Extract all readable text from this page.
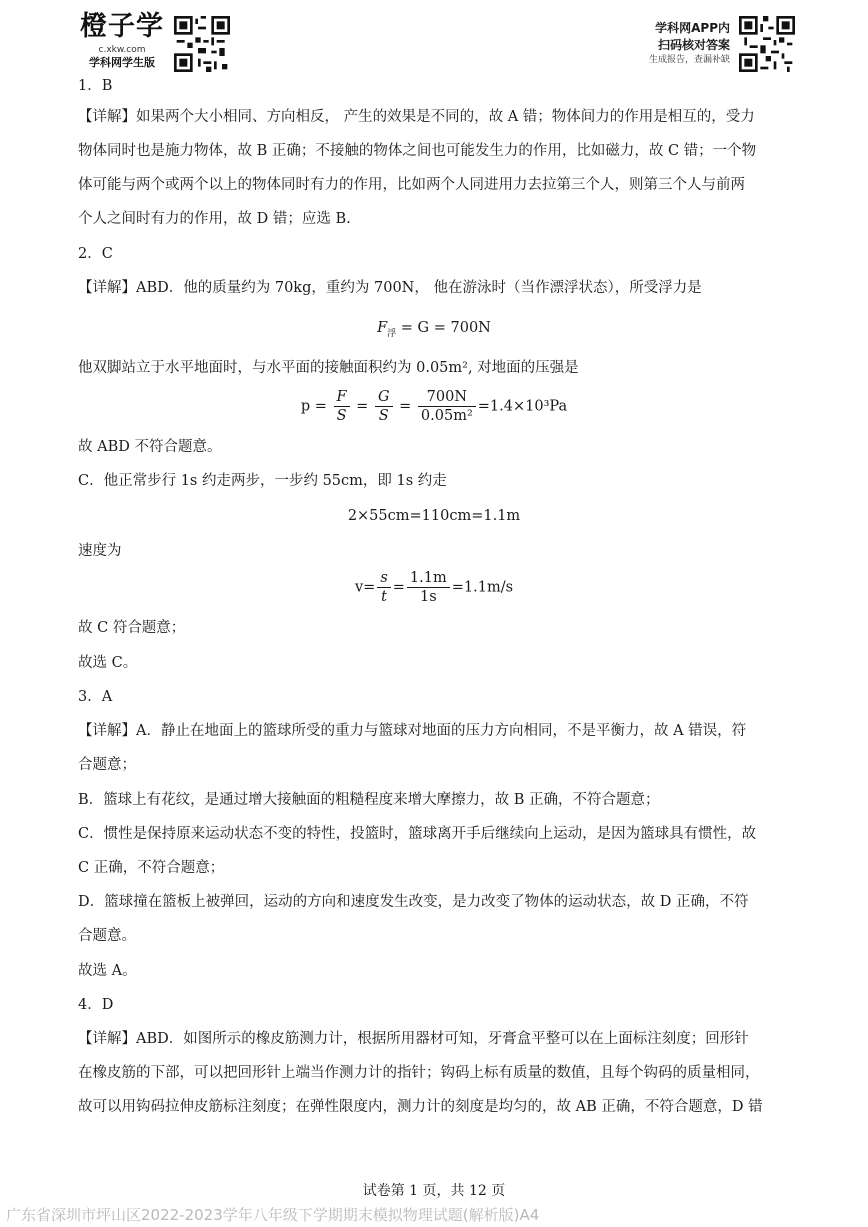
橙子学
c.xkw.com
学科网学生版
学科网APP内
扫码核对答案
生成报告，查漏补缺
1．B
【详解】如果两个大小相同、方向相反， 产生的效果是不同的，故 A 错；物体间力的作用是相互的，受力
物体同时也是施力物体，故 B 正确；不接触的物体之间也可能发生力的作用，比如磁力，故 C 错；一个物
体可能与两个或两个以上的物体同时有力的作用，比如两个人同进用力去拉第三个人，则第三个人与前两
个人之间时有力的作用，故 D 错；应选 B.
2．C
【详解】ABD．他的质量约为 70kg，重约为 700N， 他在游泳时（当作漂浮状态），所受浮力是
$F_浮 = G = 700N$
他双脚站立于水平地面时，与水平面的接触面积约为 0.05m², 对地面的压强是
$p = \frac{F}{S} = \frac{G}{S} = \frac{700N}{\text{0.05m²}} =1.4\times 10^3Pa$
故 ABD 不符合题意。
C．他正常步行 1s 约走两步，一步约 55cm，即 1s 约走
2×55cm=110cm=1.1m
速度为
$v= \frac{s}{t} = \frac{1.1m}{1s} =1.1m/s$
故 C 符合题意；
故选 C。
3．A
【详解】A．静止在地面上的篮球所受的重力与篮球对地面的压力方向相同，不是平衡力，故 A 错误，符
合题意；
B．篮球上有花纹，是通过增大接触面的粗糙程度来增大摩擦力，故 B 正确，不符合题意；
C．惯性是保持原来运动状态不变的特性，投篮时，篮球离开手后继续向上运动，是因为篮球具有惯性，故
C 正确，不符合题意；
D．篮球撞在篮板上被弹回，运动的方向和速度发生改变，是力改变了物体的运动状态，故 D 正确，不符
合题意。
故选 A。
4．D
【详解】ABD．如图所示的橡皮筋测力计，根据所用器材可知，牙膏盒平整可以在上面标注刻度；回形针
在橡皮筋的下部，可以把回形针上端当作测力计的指针；钩码上标有质量的数值，且每个钩码的质量相同，
故可以用钩码拉伸皮筋标注刻度；在弹性限度内，测力计的刻度是均匀的，故 AB 正确，不符合题意，D 错
试卷第 1 页，共 12 页
广东省深圳市坪山区2022-2023学年八年级下学期期末模拟物理试题(解析版)A4
